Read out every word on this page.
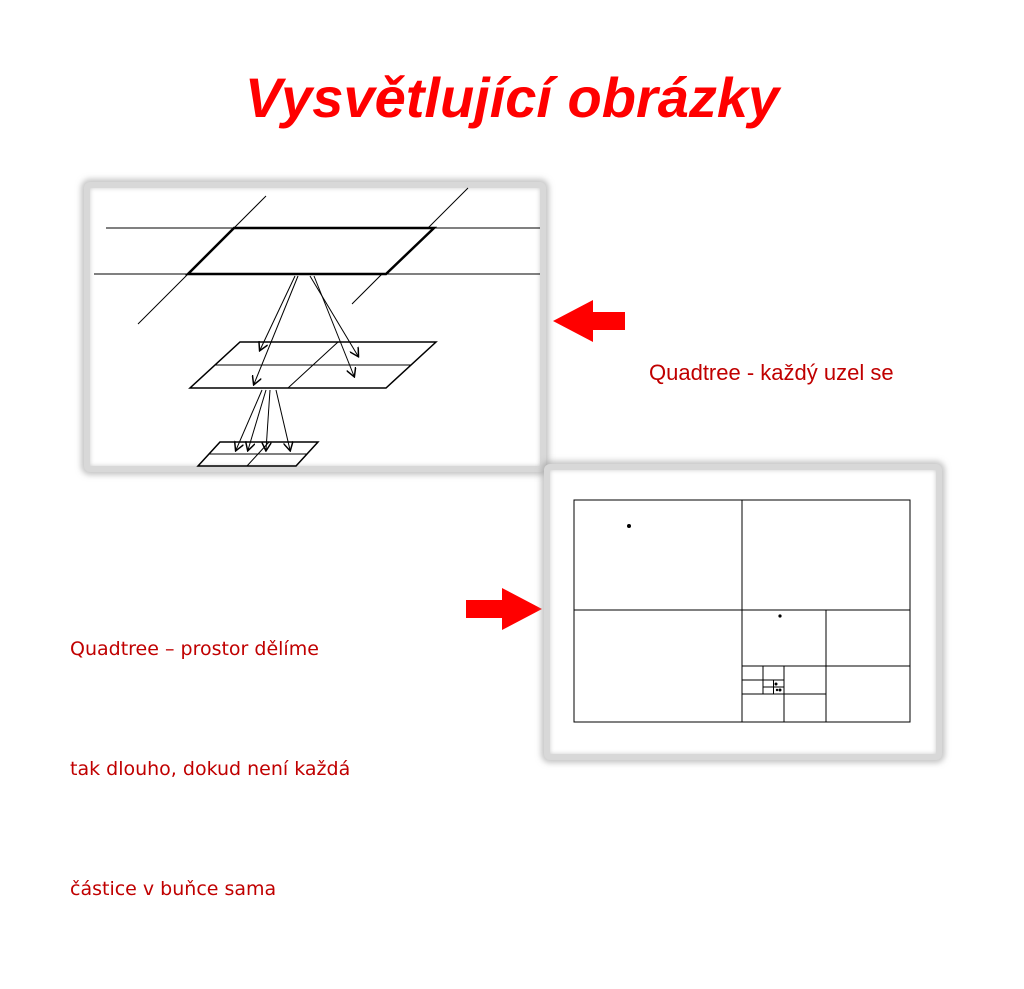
Vysvětlující obrázky

Quadtree - každý uzel se

Quadtree – prostor dělíme

tak dlouho, dokud není každá

částice v buňce sama
